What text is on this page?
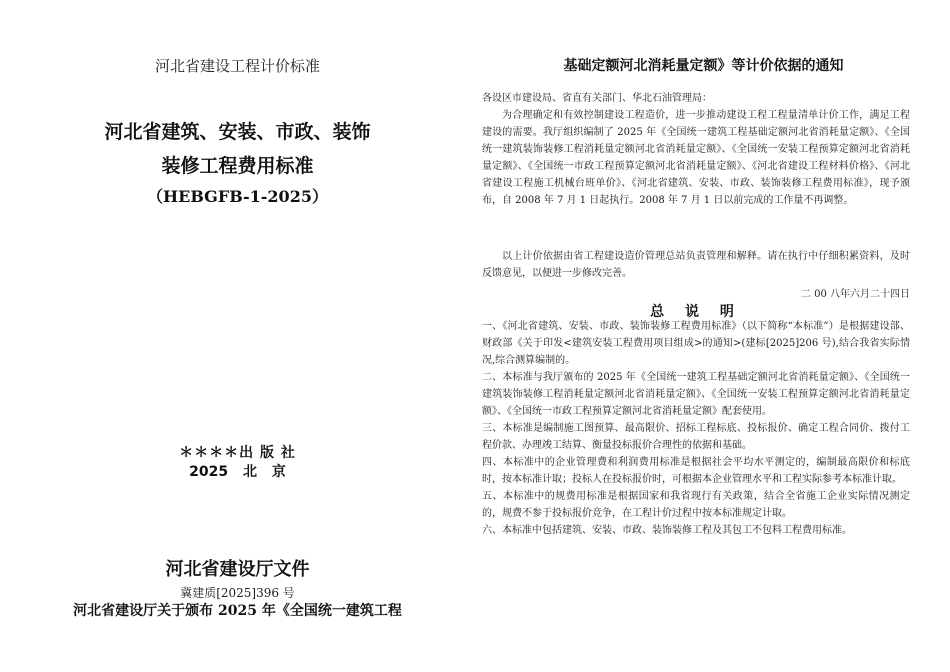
河北省建设工程计价标准
河北省建筑、安装、市政、装饰
装修工程费用标准
（HEBGFB-1-2025）
＊＊＊＊出 版 社
2025 北 京
河北省建设厅文件
冀建质[2025]396 号
河北省建设厅关于颁布 2025 年《全国统一建筑工程
基础定额河北消耗量定额》等计价依据的通知

各设区市建设局、省直有关部门、华北石油管理局：

为合理确定和有效控制建设工程造价，进一步推动建设工程工程量清单计价工作，满足工程建设的需要。我厅组织编制了 2025 年《全国统一建筑工程基础定额河北省消耗量定额》、《全国统一建筑装饰装修工程消耗量定额河北省消耗量定额》、《全国统一安装工程预算定额河北省消耗量定额》、《全国统一市政工程预算定额河北省消耗量定额》、《河北省建设工程材料价格》、《河北省建设工程施工机械台班单价》、《河北省建筑、安装、市政、装饰装修工程费用标准》，现予颁布，自 2008 年 7 月 1 日起执行。2008 年 7 月 1 日以前完成的工作量不再调整。

以上计价依据由省工程建设造价管理总站负责管理和解释。请在执行中仔细积累资料，及时反馈意见，以便进一步修改完善。

二 00 八年六月二十四日
总 说 明
一、《河北省建筑、安装、市政、装饰装修工程费用标准》（以下简称“本标准”）是根据建设部、财政部《关于印发<建筑安装工程费用项目组成>的通知>(建标[2025]206 号),结合我省实际情况,综合测算编制的。
二、本标准与我厅颁布的 2025 年《全国统一建筑工程基础定额河北省消耗量定额》、《全国统一建筑装饰装修工程消耗量定额河北省消耗量定额》、《全国统一安装工程预算定额河北省消耗量定额》、《全国统一市政工程预算定额河北省消耗量定额》配套使用。
三、本标准是编制施工图预算、最高限价、招标工程标底、投标报价、确定工程合同价、拨付工程价款、办理竣工结算、衡量投标报价合理性的依据和基础。
四、本标准中的企业管理费和利润费用标准是根据社会平均水平测定的，编制最高限价和标底时，按本标准计取；投标人在投标报价时，可根据本企业管理水平和工程实际参考本标准计取。
五、本标准中的规费用标准是根据国家和我省现行有关政策，结合全省施工企业实际情况测定的，规费不参于投标报价竞争，在工程计价过程中按本标准规定计取。
六、本标准中包括建筑、安装、市政、装饰装修工程及其包工不包料工程费用标准。
